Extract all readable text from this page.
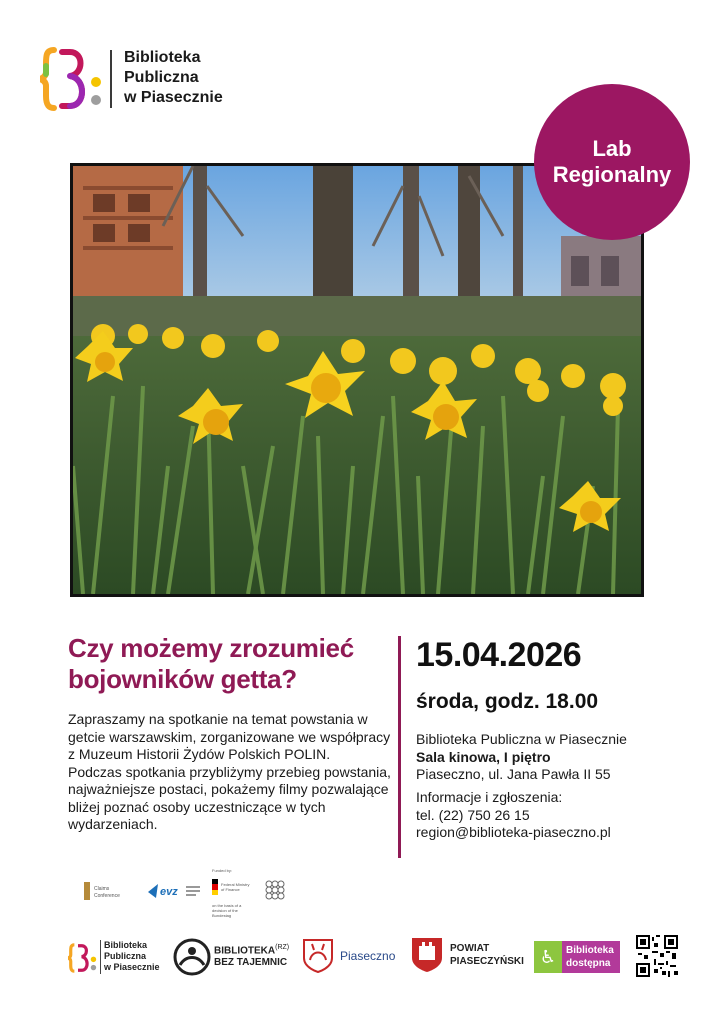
Biblioteka
Publiczna
w Piasecznie
Lab
Regionalny
Czy możemy zrozumieć bojowników getta?

Zapraszamy na spotkanie na temat powstania w getcie warszawskim, zorganizowane we współpracy z Muzeum Historii Żydów Polskich POLIN.

Podczas spotkania przybliżymy przebieg powstania, najważniejsze postaci, pokażemy filmy pozwalające bliżej poznać osoby uczestniczące w tych wydarzeniach.

15.04.2026
środa, godz. 18.00
Biblioteka Publiczna w Piasecznie
Sala kinowa, I piętro
Piaseczno, ul. Jana Pawła II 55
Informacje i zgłoszenia:
tel. (22) 750 26 15
region@biblioteka-piaseczno.pl
Claims
Conference	evz
Funded by:
Federal Ministry of Finance
on the basis of a decision of the Bundestag
Biblioteka
Publiczna
w Piasecznie
$BIBLIOTEKA^{(RZ)}$
BEZ TAJEMNIC	Piaseczno
POWIAT
PIASECZYŃSKI ♿ Biblioteka
dostępna
